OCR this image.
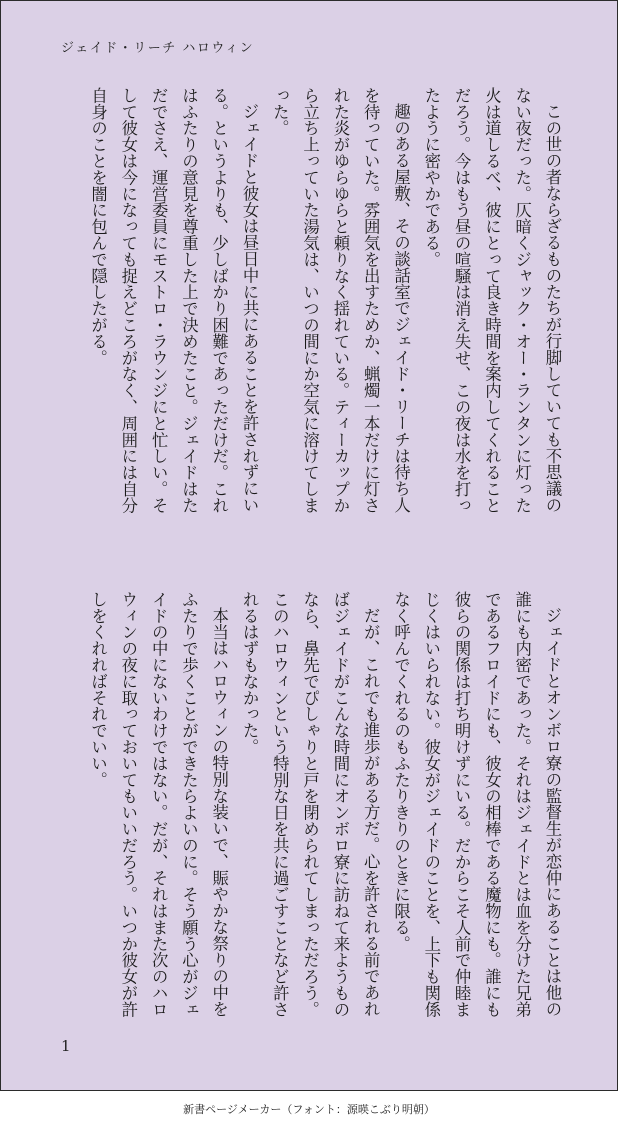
ジェイド・リーチ ハロウィン

この世の者ならざるものたちが行脚していても不思議のない夜だった。仄暗くジャック・オー・ランタンに灯った火は道しるべ、彼にとって良き時間を案内してくれることだろう。今はもう昼の喧騒は消え失せ、この夜は水を打ったように密やかである。

趣のある屋敷、その談話室でジェイド・リーチは待ち人を待っていた。雰囲気を出すためか、蝋燭一本だけに灯された炎がゆらゆらと頼りなく揺れている。ティーカップから立ち上っていた湯気は、いつの間にか空気に溶けてしまった。

ジェイドと彼女は昼日中に共にあることを許されずにいる。というよりも、少しばかり困難であっただけだ。これはふたりの意見を尊重した上で決めたこと。ジェイドはただでさえ、運営委員にモストロ・ラウンジにと忙しい。そして彼女は今になっても捉えどころがなく、周囲には自分自身のことを闇に包んで隠したがる。

ジェイドとオンボロ寮の監督生が恋仲にあることは他の誰にも内密であった。それはジェイドとは血を分けた兄弟であるフロイドにも、彼女の相棒である魔物にも。誰にも彼らの関係は打ち明けずにいる。だからこそ人前で仲睦まじくはいられない。彼女がジェイドのことを、上下も関係なく呼んでくれるのもふたりきりのときに限る。

だが、これでも進歩がある方だ。心を許される前であればジェイドがこんな時間にオンボロ寮に訪ねて来ようものなら、鼻先でぴしゃりと戸を閉められてしまっただろう。このハロウィンという特別な日を共に過ごすことなど許されるはずもなかった。

本当はハロウィンの特別な装いで、賑やかな祭りの中をふたりで歩くことができたらよいのに。そう願う心がジェイドの中にないわけではない。だが、それはまた次のハロウィンの夜に取っておいてもいいだろう。いつか彼女が許しをくれればそれでいい。

1
新書ページメーカー（フォント：源暎こぶり明朝）
